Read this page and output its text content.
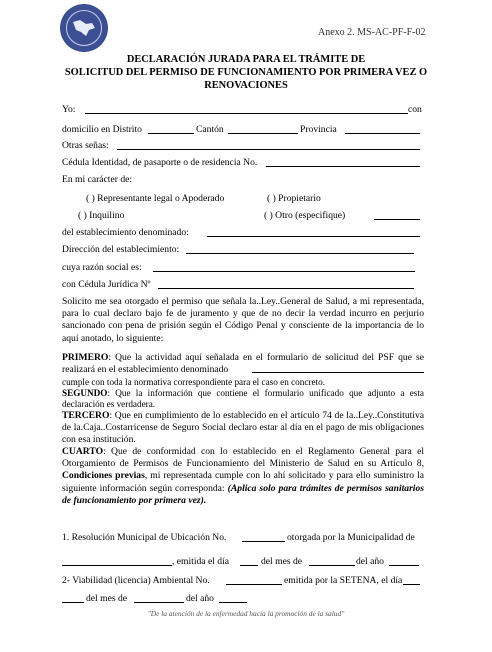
Anexo 2. MS-AC-PF-F-02
DECLARACIÓN JURADA PARA EL TRÁMITE DE
SOLICITUD DEL PERMISO DE FUNCIONAMIENTO POR PRIMERA VEZ O
RENOVACIONES
Yo:	con
domicilio en Distrito	Cantón	Provincia
Otras señas:
Cédula Identidad, de pasaporte o de residencia No.
En mi carácter de:
( ) Representante legal o Apoderado	( ) Propietario
( ) Inquilino	( ) Otro (especifique)
del establecimiento denominado:
Dirección del establecimiento:
cuya razón social es:
con Cédula Jurídica Nº
Solicito me sea otorgado el permiso que señala la..Ley..General de Salud, a mi representada, para lo cual declaro bajo fe de juramento y que de no decir la verdad incurro en perjurio sancionado con pena de prisión según el Código Penal y consciente de la importancia de lo aquí anotado, lo siguiente:
PRIMERO: Que la actividad aquí señalada en el formulario de solicitud del PSF que se realizará en el establecimiento denominado
cumple con toda la normativa correspondiente para el caso en concreto.
SEGUNDO: Que la información que contiene el formulario unificado que adjunto a esta declaración es verdadera.
TERCERO: Que en cumplimiento de lo establecido en el artículo 74 de la..Ley..Constitutiva de la.Caja..Costarricense de Seguro Social declaro estar al día en el pago de mis obligaciones con esa institución.
CUARTO: Que de conformidad con lo establecido en el Reglamento General para el Otorgamiento de Permisos de Funcionamiento del Ministerio de Salud en su Artículo 8, Condiciones previas, mi representada cumple con lo ahí solicitado y para ello suministro la siguiente información según corresponda: (Aplica solo para trámites de permisos sanitarios de funcionamiento por primera vez).
1. Resolución Municipal de Ubicación No.	otorgada por la Municipalidad de
, emitida el día	del mes de	del año
2- Viabilidad (licencia) Ambiental No.	emitida por la SETENA, el día
del mes de	del año
"De la atención de la enfermedad hacia la promoción de la salud"
